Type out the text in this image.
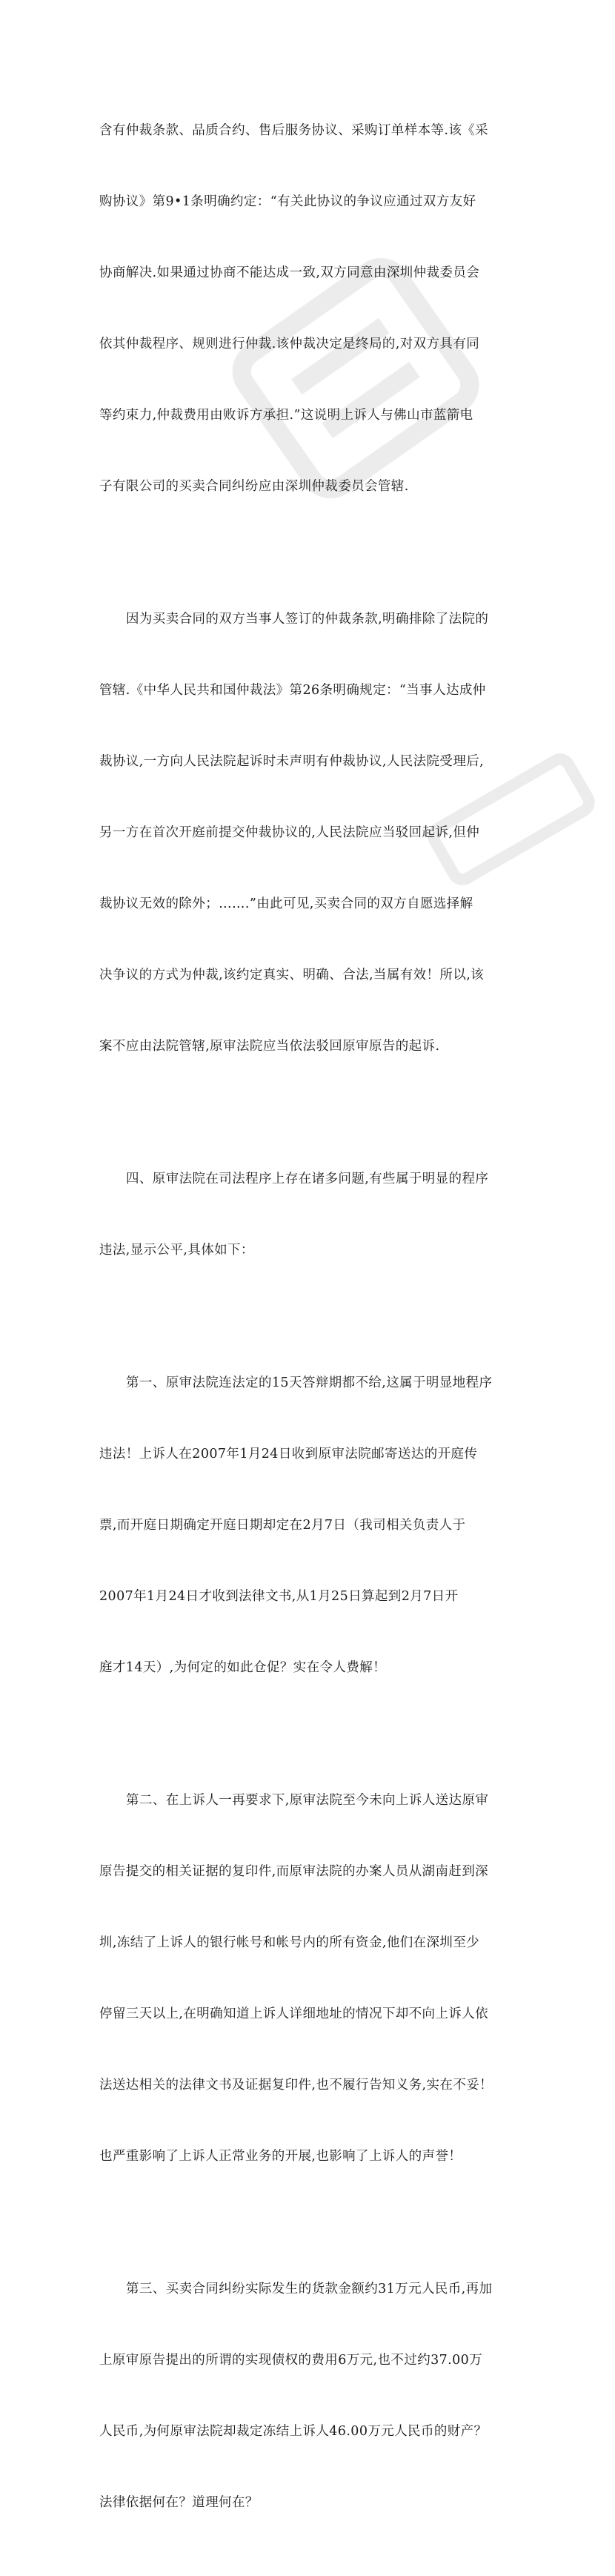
含有仲裁条款、品质合约、售后服务协议、采购订单样本等.该《采

购协议》第9•1条明确约定：“有关此协议的争议应通过双方友好

协商解决.如果通过协商不能达成一致,双方同意由深圳仲裁委员会

依其仲裁程序、规则进行仲裁.该仲裁决定是终局的,对双方具有同

等约束力,仲裁费用由败诉方承担.”这说明上诉人与佛山市蓝箭电

子有限公司的买卖合同纠纷应由深圳仲裁委员会管辖.

因为买卖合同的双方当事人签订的仲裁条款,明确排除了法院的

管辖.《中华人民共和国仲裁法》第26条明确规定：“当事人达成仲

裁协议,一方向人民法院起诉时未声明有仲裁协议,人民法院受理后,

另一方在首次开庭前提交仲裁协议的,人民法院应当驳回起诉,但仲

裁协议无效的除外；…….”由此可见,买卖合同的双方自愿选择解

决争议的方式为仲裁,该约定真实、明确、合法,当属有效！所以,该

案不应由法院管辖,原审法院应当依法驳回原审原告的起诉.

四、原审法院在司法程序上存在诸多问题,有些属于明显的程序

违法,显示公平,具体如下：

第一、原审法院连法定的15天答辩期都不给,这属于明显地程序

违法！上诉人在2007年1月24日收到原审法院邮寄送达的开庭传

票,而开庭日期确定开庭日期却定在2月7日（我司相关负责人于

2007年1月24日才收到法律文书,从1月25日算起到2月7日开

庭才14天）,为何定的如此仓促？实在令人费解！

第二、在上诉人一再要求下,原审法院至今未向上诉人送达原审

原告提交的相关证据的复印件,而原审法院的办案人员从湖南赶到深

圳,冻结了上诉人的银行帐号和帐号内的所有资金,他们在深圳至少

停留三天以上,在明确知道上诉人详细地址的情况下却不向上诉人依

法送达相关的法律文书及证据复印件,也不履行告知义务,实在不妥！

也严重影响了上诉人正常业务的开展,也影响了上诉人的声誉！

第三、买卖合同纠纷实际发生的货款金额约31万元人民币,再加

上原审原告提出的所谓的实现债权的费用6万元,也不过约37.00万

人民币,为何原审法院却裁定冻结上诉人46.00万元人民币的财产？

法律依据何在？道理何在？
